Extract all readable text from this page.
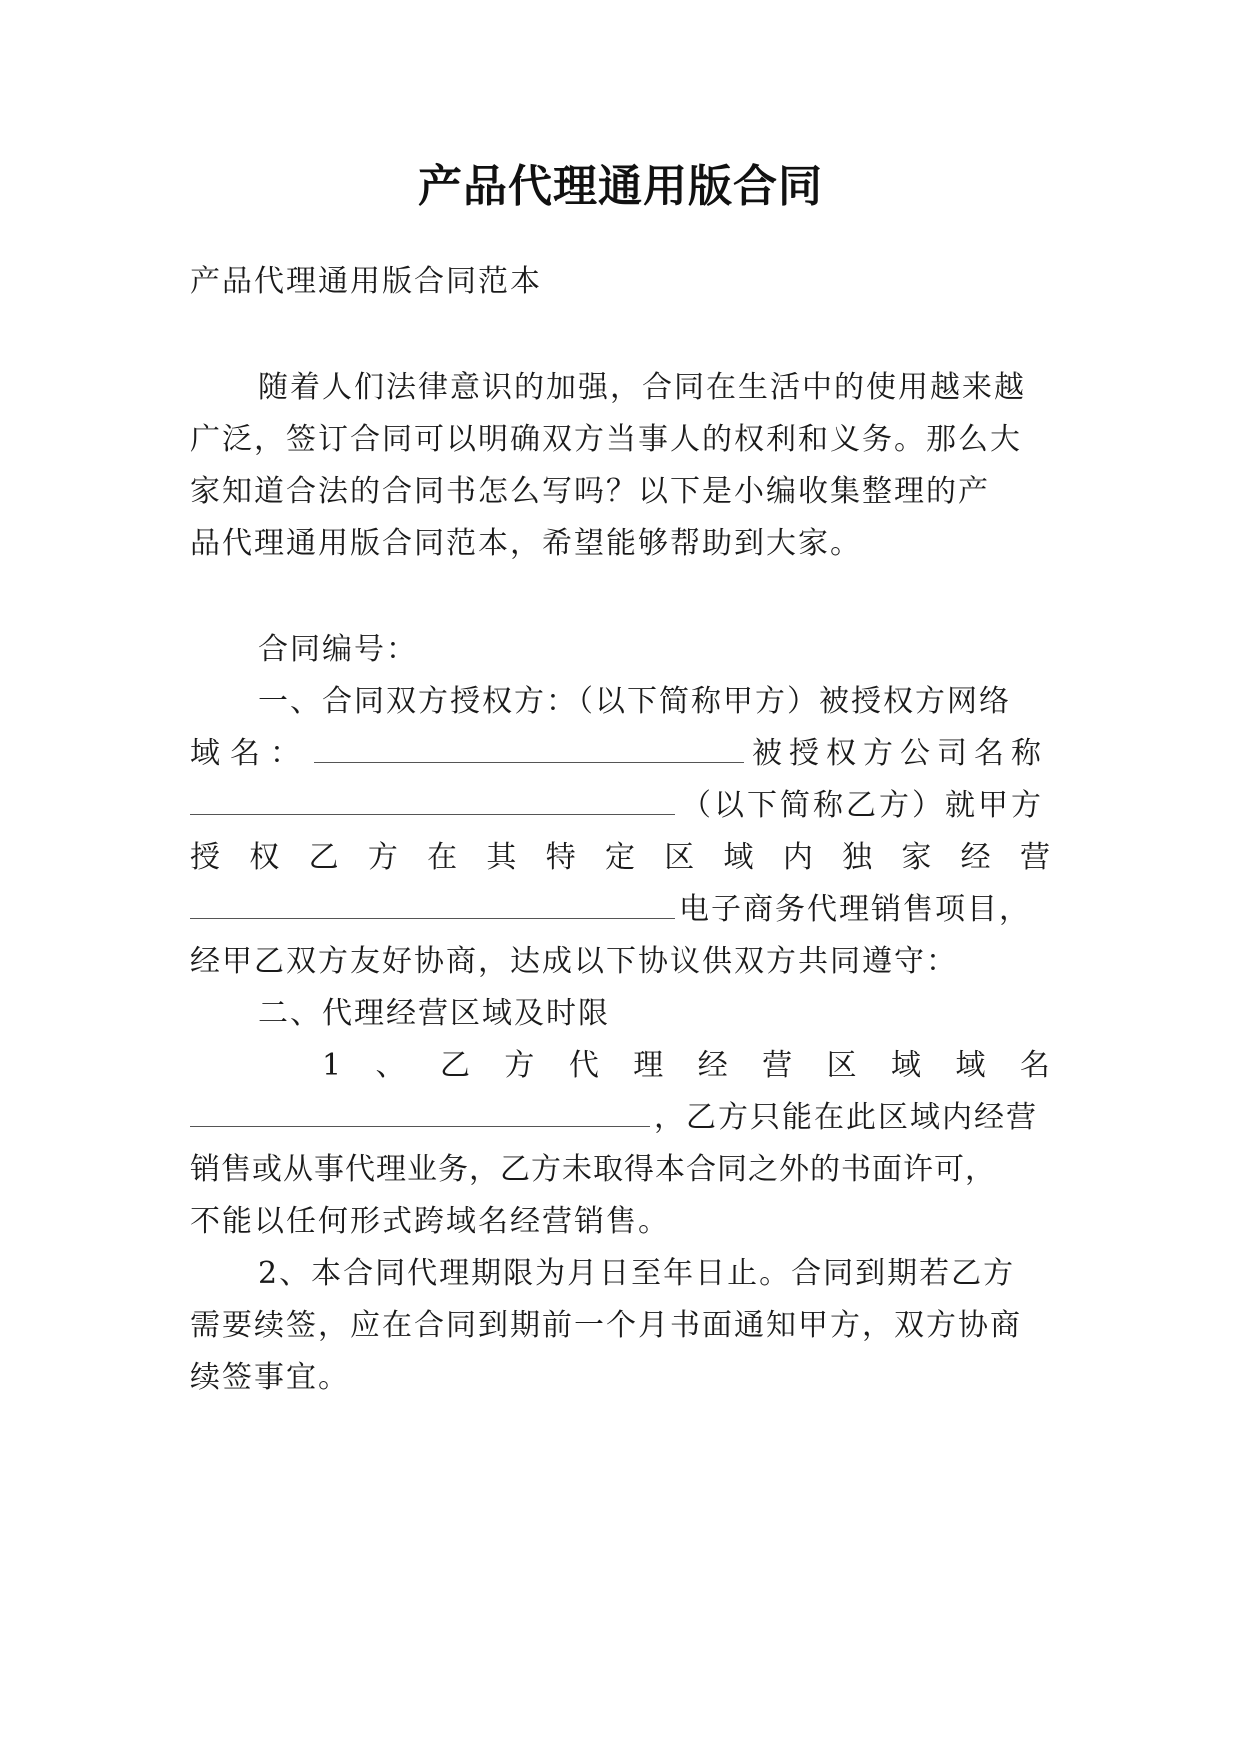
产品代理通用版合同
产品代理通用版合同范本
随着人们法律意识的加强，合同在生活中的使用越来越
广泛，签订合同可以明确双方当事人的权利和义务。那么大
家知道合法的合同书怎么写吗？以下是小编收集整理的产
品代理通用版合同范本，希望能够帮助到大家。
合同编号：
一、合同双方授权方：（以下简称甲方）被授权方网络
域名：	被授权方公司名称
（以下简称乙方）就甲方
授 权 乙 方 在 其 特 定 区 域 内 独 家 经 营
电子商务代理销售项目，
经甲乙双方友好协商，达成以下协议供双方共同遵守：
二、代理经营区域及时限
1 、 乙 方 代 理 经 营 区 域 域 名
，乙方只能在此区域内经营
销售或从事代理业务，乙方未取得本合同之外的书面许可，
不能以任何形式跨域名经营销售。
2、本合同代理期限为月日至年日止。合同到期若乙方
需要续签，应在合同到期前一个月书面通知甲方，双方协商
续签事宜。
